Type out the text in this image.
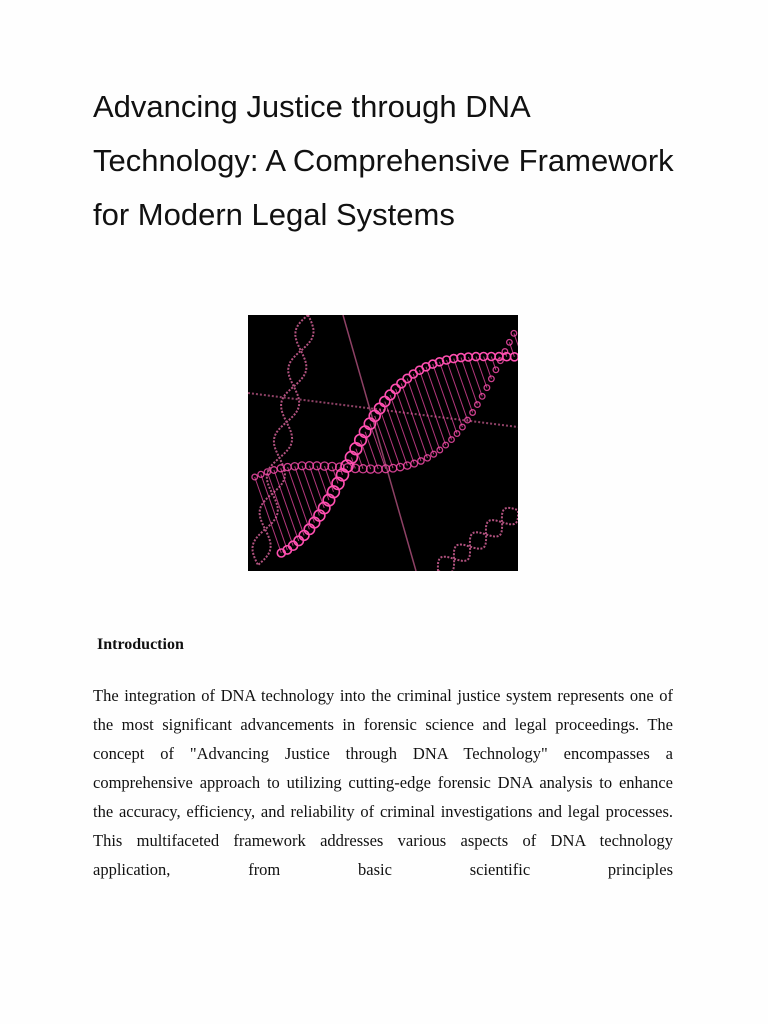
Advancing Justice through DNA Technology: A Comprehensive Framework for Modern Legal Systems
Introduction

The integration of DNA technology into the criminal justice system represents one of the most significant advancements in forensic science and legal proceedings. The concept of "Advancing Justice through DNA Technology" encompasses a comprehensive approach to utilizing cutting-edge forensic DNA analysis to enhance the accuracy, efficiency, and reliability of criminal investigations and legal processes. This multifaceted framework addresses various aspects of DNA technology application, from basic scientific principles
